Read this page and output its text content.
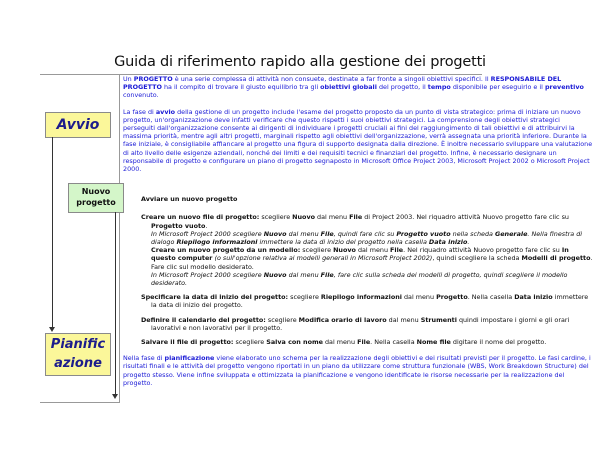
Guida di riferimento rapido alla gestione dei progetti
Avvio
Nuovo
progetto
Pianific
azione

Un PROGETTO è una serie complessa di attività non consuete, destinate a far fronte a singoli obiettivi specifici. Il RESPONSABILE DEL PROGETTO ha il compito di trovare il giusto equilibrio tra gli obiettivi globali del progetto, il tempo disponibile per eseguirlo e il preventivo convenuto.

La fase di avvio della gestione di un progetto include l'esame del progetto proposto da un punto di vista strategico: prima di iniziare un nuovo progetto, un'organizzazione deve infatti verificare che questo rispetti i suoi obiettivi strategici. La comprensione degli obiettivi strategici perseguiti dall'organizzazione consente ai dirigenti di individuare i progetti cruciali ai fini del raggiungimento di tali obiettivi e di attribuirvi la massima priorità, mentre agli altri progetti, marginali rispetto agli obiettivi dell'organizzazione, verrà assegnata una priorità inferiore. Durante la fase iniziale, è consigliabile affiancare al progetto una figura di supporto designata dalla direzione. È inoltre necessario sviluppare una valutazione di alto livello delle esigenze aziendali, nonché dei limiti e dei requisiti tecnici e finanziari del progetto. Infine, è necessario designare un responsabile di progetto e configurare un piano di progetto segnaposto in Microsoft Office Project 2003, Microsoft Project 2002 o Microsoft Project 2000.

Avviare un nuovo progetto

Creare un nuovo file di progetto: scegliere Nuovo dal menu File di Project 2003. Nel riquadro attività Nuovo progetto fare clic su

Progetto vuoto.

In Microsoft Project 2000 scegliere Nuovo dal menu File, quindi fare clic su Progetto vuoto nella scheda Generale. Nella finestra di dialogo Riepilogo informazioni immettere la data di inizio del progetto nella casella Data inizio.

Creare un nuovo progetto da un modello: scegliere Nuovo dal menu File. Nel riquadro attività Nuovo progetto fare clic su In questo computer (o sull'opzione relativa ai modelli generali in Microsoft Project 2002), quindi scegliere la scheda Modelli di progetto. Fare clic sul modello desiderato.

In Microsoft Project 2000 scegliere Nuovo dal menu File, fare clic sulla scheda dei modelli di progetto, quindi scegliere il modello desiderato.

Specificare la data di inizio del progetto: scegliere Riepilogo informazioni dal menu Progetto. Nella casella Data inizio immettere la data di inizio del progetto.

Definire il calendario del progetto: scegliere Modifica orario di lavoro dal menu Strumenti quindi impostare i giorni e gli orari lavorativi e non lavorativi per il progetto.

Salvare il file di progetto: scegliere Salva con nome dal menu File. Nella casella Nome file digitare il nome del progetto.

Nella fase di pianificazione viene elaborato uno schema per la realizzazione degli obiettivi e dei risultati previsti per il progetto. Le fasi cardine, i risultati finali e le attività del progetto vengono riportati in un piano da utilizzare come struttura funzionale (WBS, Work Breakdown Structure) del progetto stesso. Viene infine sviluppata e ottimizzata la pianificazione e vengono identificate le risorse necessarie per la realizzazione del progetto.
